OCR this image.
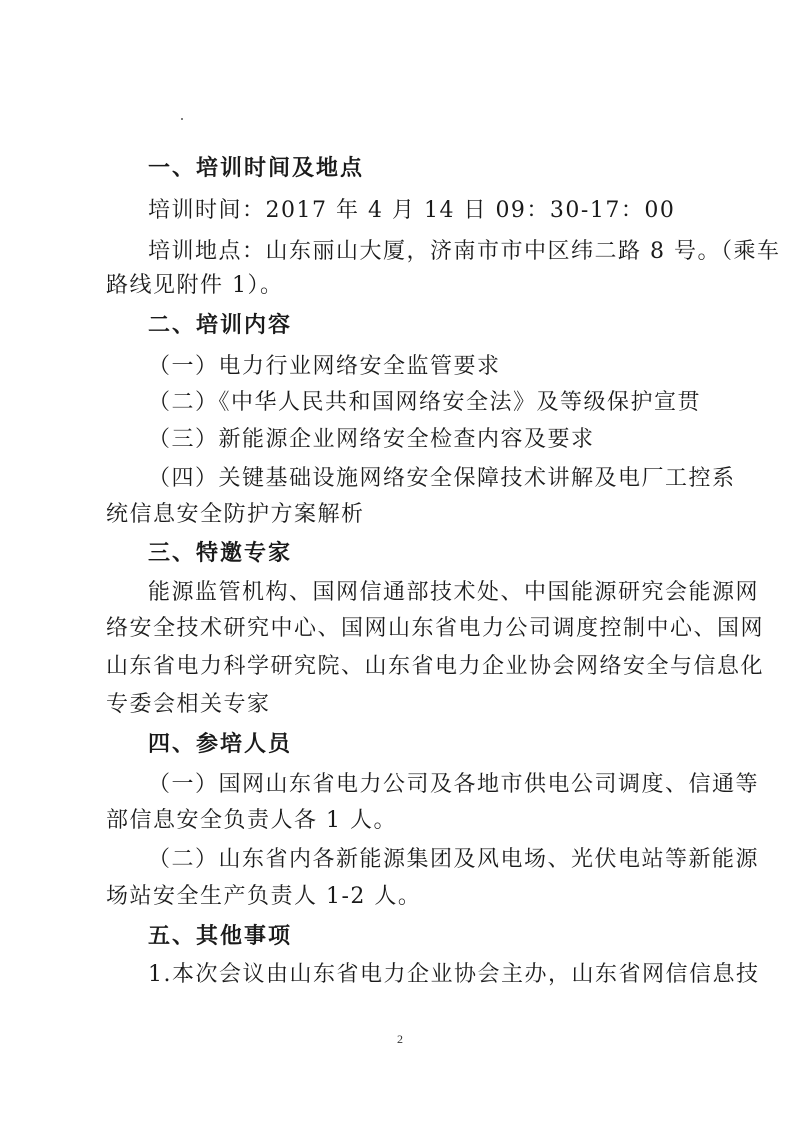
一、培训时间及地点
培训时间：2017 年 4 月 14 日 09：30-17：00
培训地点：山东丽山大厦，济南市市中区纬二路 8 号。（乘车
路线见附件 1）。
二、培训内容
（一）电力行业网络安全监管要求
（二）《中华人民共和国网络安全法》及等级保护宣贯
（三）新能源企业网络安全检查内容及要求
（四）关键基础设施网络安全保障技术讲解及电厂工控系
统信息安全防护方案解析
三、特邀专家
能源监管机构、国网信通部技术处、中国能源研究会能源网
络安全技术研究中心、国网山东省电力公司调度控制中心、国网
山东省电力科学研究院、山东省电力企业协会网络安全与信息化
专委会相关专家
四、参培人员
（一）国网山东省电力公司及各地市供电公司调度、信通等
部信息安全负责人各 1 人。
（二）山东省内各新能源集团及风电场、光伏电站等新能源
场站安全生产负责人 1-2 人。
五、其他事项
1.本次会议由山东省电力企业协会主办，山东省网信信息技
2
